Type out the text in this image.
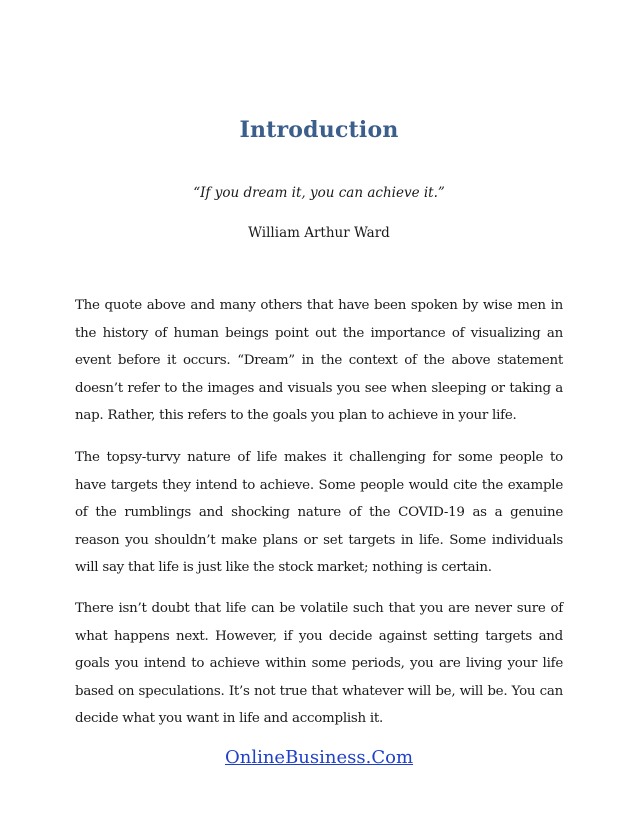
Introduction
“If you dream it, you can achieve it.”
William Arthur Ward

The quote above and many others that have been spoken by wise men in the history of human beings point out the importance of visualizing an event before it occurs. “Dream” in the context of the above statement doesn’t refer to the images and visuals you see when sleeping or taking a nap. Rather, this refers to the goals you plan to achieve in your life.

The topsy-turvy nature of life makes it challenging for some people to have targets they intend to achieve. Some people would cite the example of the rumblings and shocking nature of the COVID-19 as a genuine reason you shouldn’t make plans or set targets in life. Some individuals will say that life is just like the stock market; nothing is certain.

There isn’t doubt that life can be volatile such that you are never sure of what happens next. However, if you decide against setting targets and goals you intend to achieve within some periods, you are living your life based on speculations. It’s not true that whatever will be, will be. You can decide what you want in life and accomplish it.

OnlineBusiness.Com
